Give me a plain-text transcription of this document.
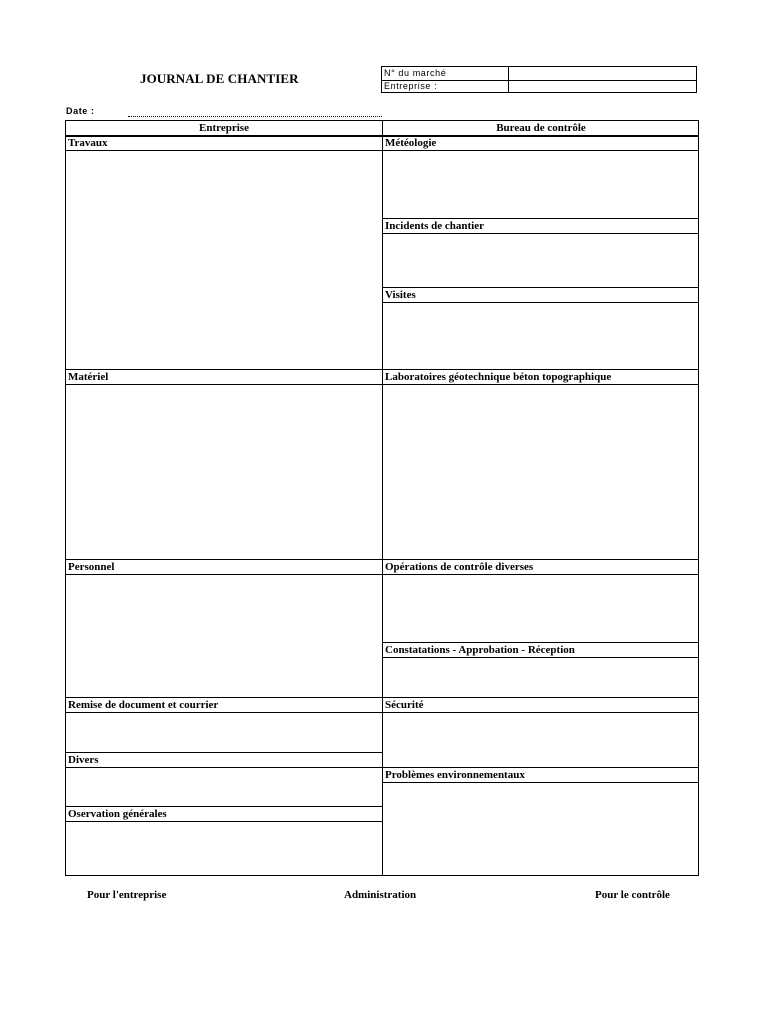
JOURNAL DE CHANTIER	N° du marché
Entreprise :
Date :
Entreprise	Bureau de contrôle
Travaux
Matériel
Personnel
Remise de document et courrier
Divers
Oservation générales
Météologie
Incidents de chantier
Visites
Laboratoires géotechnique béton topographique
Opérations de contrôle diverses
Constatations - Approbation - Réception
Sécurité
Problèmes environnementaux
Pour l'entreprise	Administration	Pour le contrôle
